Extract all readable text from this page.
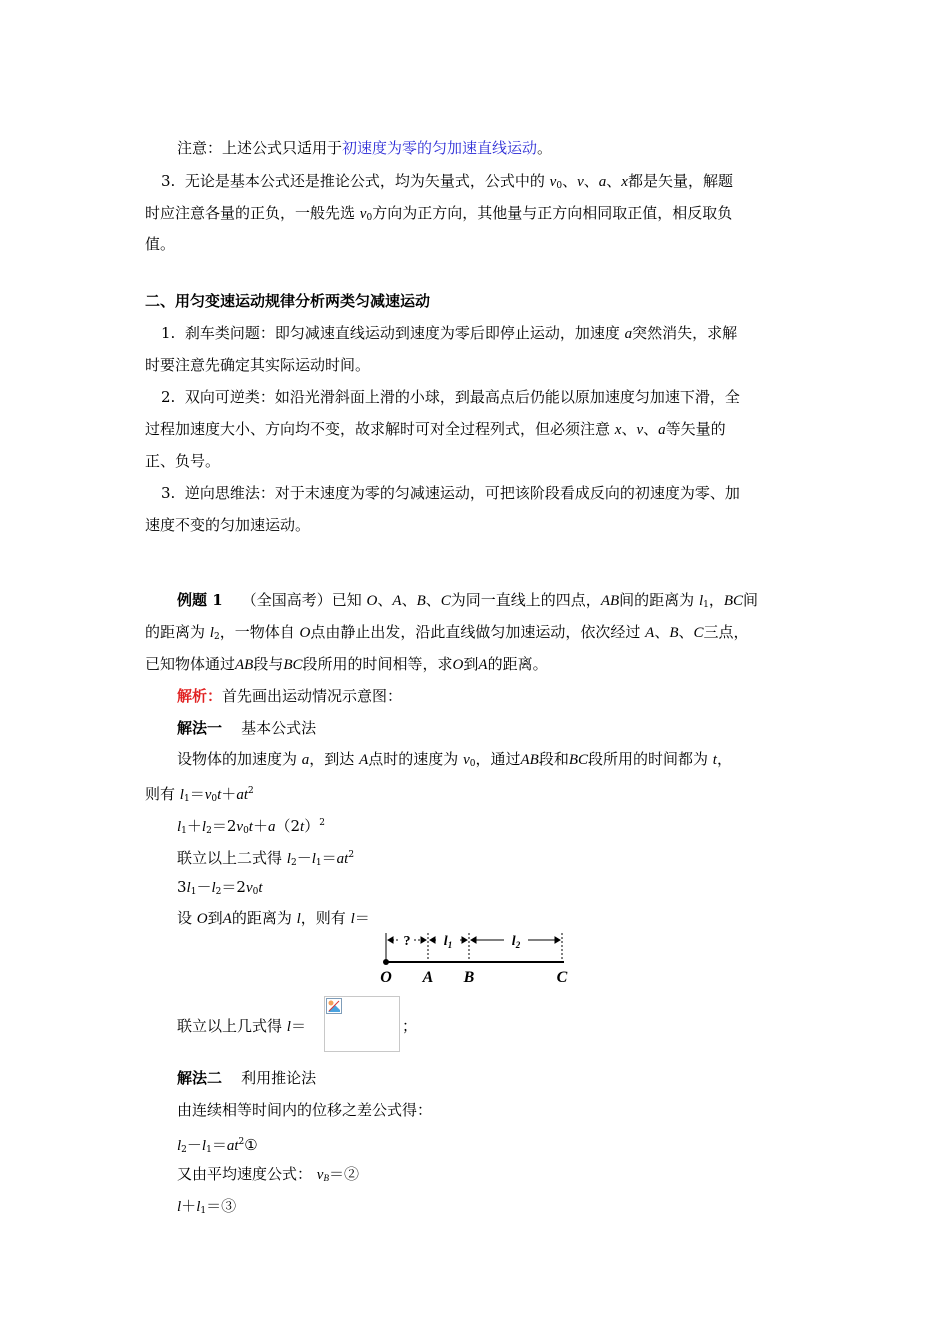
注意：上述公式只适用于初速度为零的匀加速直线运动。
3. 无论是基本公式还是推论公式，均为矢量式，公式中的 $v_0$、v、a、x都是矢量，解题
时应注意各量的正负，一般先选 $v_0$方向为正方向，其他量与正方向相同取正值，相反取负
值。
二、用匀变速运动规律分析两类匀减速运动
1. 刹车类问题：即匀减速直线运动到速度为零后即停止运动，加速度 a突然消失，求解
时要注意先确定其实际运动时间。
2. 双向可逆类：如沿光滑斜面上滑的小球，到最高点后仍能以原加速度匀加速下滑，全
过程加速度大小、方向均不变，故求解时可对全过程列式，但必须注意 x、v、a等矢量的
正、负号。
3. 逆向思维法：对于末速度为零的匀减速运动，可把该阶段看成反向的初速度为零、加
速度不变的匀加速运动。
例题 1 （全国高考）已知 O、A、B、C为同一直线上的四点，AB间的距离为 $l_1$，BC间
的距离为 $l_2$，一物体自 O点由静止出发，沿此直线做匀加速运动，依次经过 A、B、C三点，
已知物体通过AB段与BC段所用的时间相等，求O到A的距离。
解析：首先画出运动情况示意图：
解法一 基本公式法
设物体的加速度为 a，到达 A点时的速度为 $v_0$，通过AB段和BC段所用的时间都为 t，
则有 $l_1=v_0t+at^2$
$l_1+l_2=2v_0t+a(2t)^2$
联立以上二式得 $l_2-l_1=at^2$
$3l_1-l_2=2v_0t$
设 O到A的距离为 l，则有 l＝
? $l_1$	$l_2$
O A B	C
联立以上几式得 l＝	；
解法二 利用推论法
由连续相等时间内的位移之差公式得：
$l_2-l_1=at^2①$
又由平均速度公式： $v_B=②$
$l+l_1=③$
